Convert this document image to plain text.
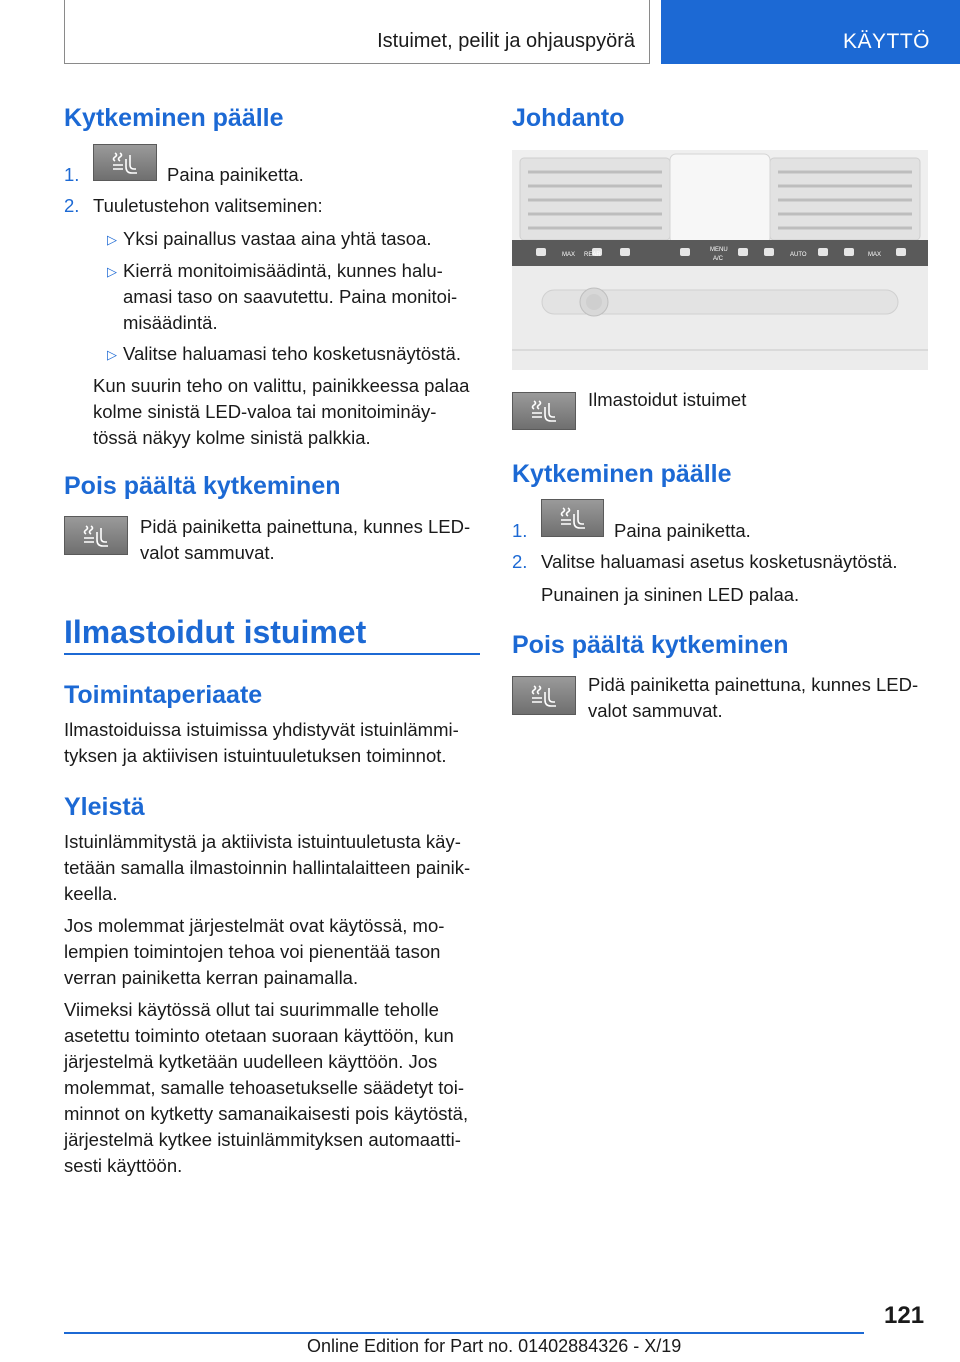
Istuimet, peilit ja ohjauspyörä	KÄYTTÖ
Kytkeminen päälle
1.	Paina painiketta.
2. Tuuletustehon valitseminen:
▷ Yksi painallus vastaa aina yhtä tasoa.
▷ Kierrä monitoimisäädintä, kunnes halu‐
amasi taso on saavutettu. Paina monitoi‐
misäädintä.
▷ Valitse haluamasi teho kosketusnäytöstä.
Kun suurin teho on valittu, painikkeessa palaa
kolme sinistä LED-valoa tai monitoiminäy‐
tössä näkyy kolme sinistä palkkia.
Pois päältä kytkeminen
Pidä painiketta painettuna, kunnes LED-
valot sammuvat.
Ilmastoidut istuimet
Toimintaperiaate
Ilmastoiduissa istuimissa yhdistyvät istuinlämmi‐
tyksen ja aktiivisen istuintuuletuksen toiminnot.
Yleistä
Istuinlämmitystä ja aktiivista istuintuuletusta käy‐
tetään samalla ilmastoinnin hallintalaitteen painik‐
keella.
Jos molemmat järjestelmät ovat käytössä, mo‐
lempien toimintojen tehoa voi pienentää tason
verran painiketta kerran painamalla.
Viimeksi käytössä ollut tai suurimmalle teholle
asetettu toiminto otetaan suoraan käyttöön, kun
järjestelmä kytketään uudelleen käyttöön. Jos
molemmat, samalle tehoasetukselle säädetyt toi‐
minnot on kytketty samanaikaisesti pois käytöstä,
järjestelmä kytkee istuinlämmityksen automaatti‐
sesti käyttöön.
Johdanto
MAX REAR
MENU
A/C
AUTO	MAX
Ilmastoidut istuimet
Kytkeminen päälle
1.	Paina painiketta.
2. Valitse haluamasi asetus kosketusnäytöstä.
Punainen ja sininen LED palaa.
Pois päältä kytkeminen
Pidä painiketta painettuna, kunnes LED-
valot sammuvat.
121
Online Edition for Part no. 01402884326 - X/19
